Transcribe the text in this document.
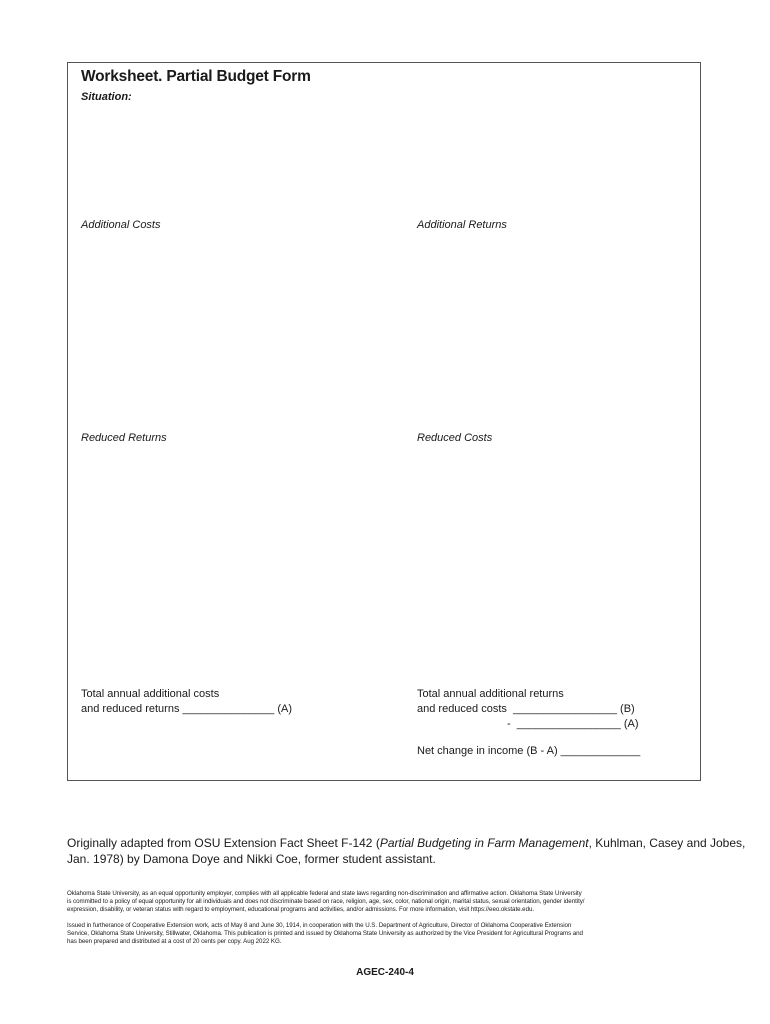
Worksheet. Partial Budget Form
Situation:
Additional Costs	Additional Returns
Reduced Returns	Reduced Costs
Total annual additional costs
and reduced returns _______________ (A)
Total annual additional returns
and reduced costs  _________________ (B)
-  _________________ (A)
Net change in income (B - A) _____________
Originally adapted from OSU Extension Fact Sheet F-142 (Partial Budgeting in Farm Management, Kuhlman, Casey and Jobes,
Jan. 1978) by Damona Doye and Nikki Coe, former student assistant.
Oklahoma State University, as an equal opportunity employer, complies with all applicable federal and state laws regarding non-discrimination and affirmative action. Oklahoma State University
is committed to a policy of equal opportunity for all individuals and does not discriminate based on race, religion, age, sex, color, national origin, marital status, sexual orientation, gender identity/
expression, disability, or veteran status with regard to employment, educational programs and activities, and/or admissions. For more information, visit https://eeo.okstate.edu.
Issued in furtherance of Cooperative Extension work, acts of May 8 and June 30, 1914, in cooperation with the U.S. Department of Agriculture, Director of Oklahoma Cooperative Extension
Service, Oklahoma State University, Stillwater, Oklahoma. This publication is printed and issued by Oklahoma State University as authorized by the Vice President for Agricultural Programs and
has been prepared and distributed at a cost of 20 cents per copy. Aug 2022 KG.
AGEC-240-4
